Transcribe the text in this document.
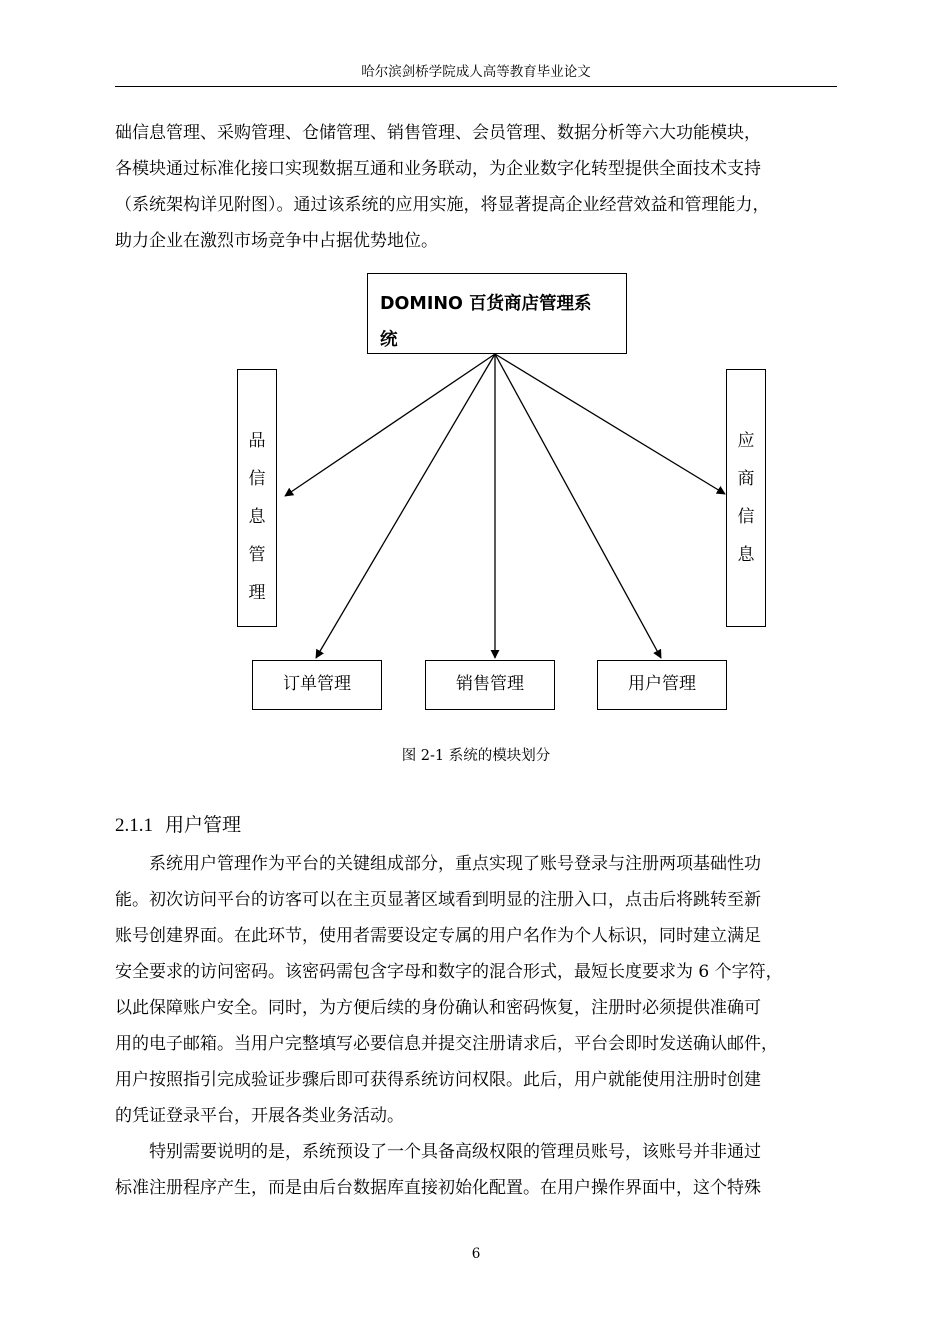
哈尔滨剑桥学院成人高等教育毕业论文
础信息管理、采购管理、仓储管理、销售管理、会员管理、数据分析等六大功能模块，
各模块通过标准化接口实现数据互通和业务联动，为企业数字化转型提供全面技术支持
（系统架构详见附图）。通过该系统的应用实施，将显著提高企业经营效益和管理能力，
助力企业在激烈市场竞争中占据优势地位。
DOMINO 百货商店管理系
统
品
信
息
管
理
应
商
信
息
订单管理	销售管理	用户管理
图 2-1 系统的模块划分
2.1.1 用户管理
　　系统用户管理作为平台的关键组成部分，重点实现了账号登录与注册两项基础性功
能。初次访问平台的访客可以在主页显著区域看到明显的注册入口，点击后将跳转至新
账号创建界面。在此环节，使用者需要设定专属的用户名作为个人标识，同时建立满足
安全要求的访问密码。该密码需包含字母和数字的混合形式，最短长度要求为 6 个字符，
以此保障账户安全。同时，为方便后续的身份确认和密码恢复，注册时必须提供准确可
用的电子邮箱。当用户完整填写必要信息并提交注册请求后，平台会即时发送确认邮件，
用户按照指引完成验证步骤后即可获得系统访问权限。此后，用户就能使用注册时创建
的凭证登录平台，开展各类业务活动。
　　特别需要说明的是，系统预设了一个具备高级权限的管理员账号，该账号并非通过
标准注册程序产生，而是由后台数据库直接初始化配置。在用户操作界面中，这个特殊
6
